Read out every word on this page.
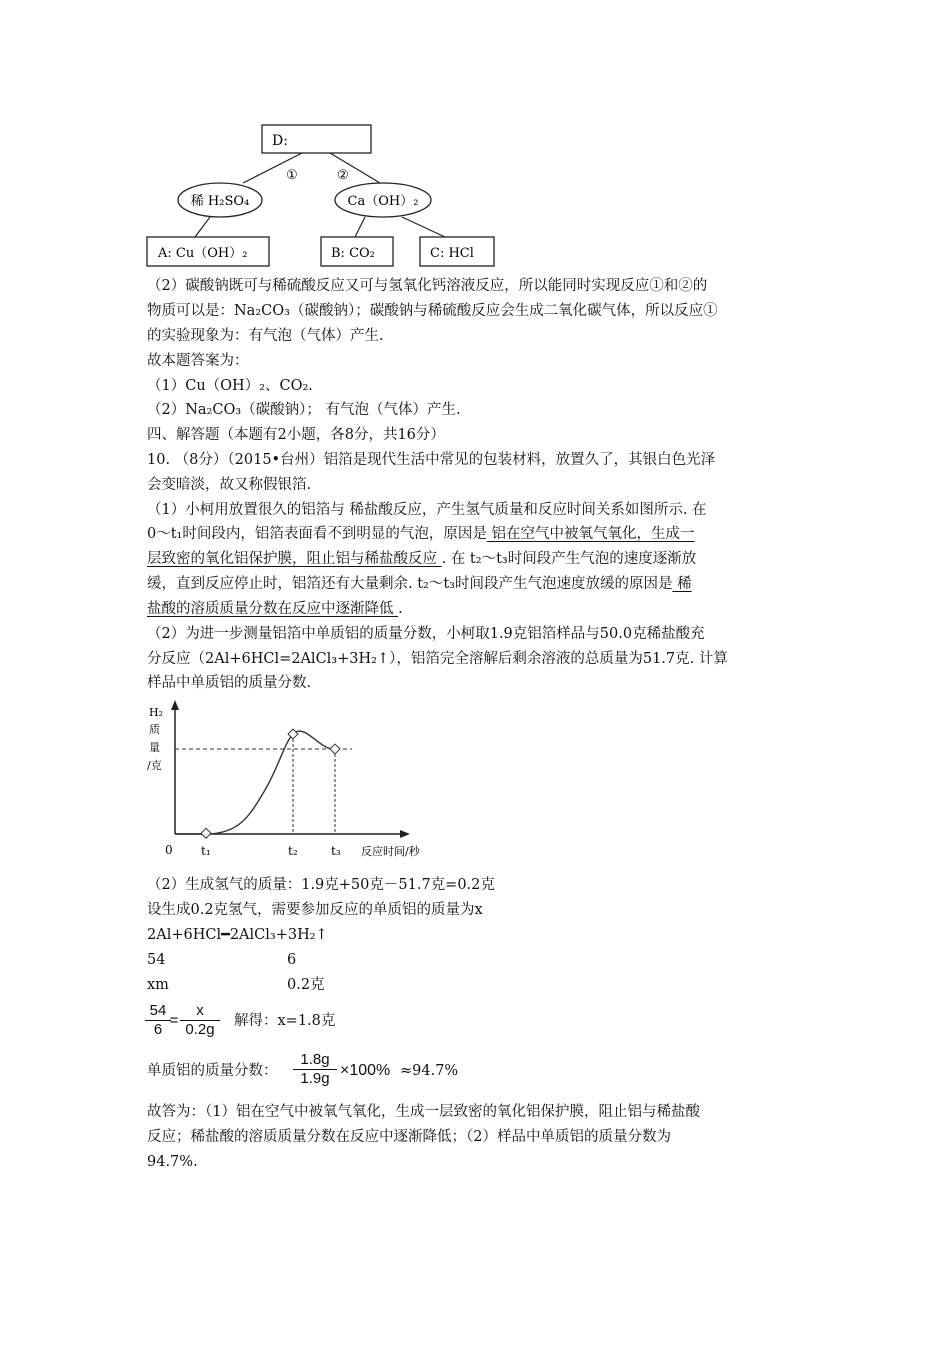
D:
①	②
稀 H₂SO₄	Ca（OH）₂
A: Cu（OH）₂	B: CO₂	C: HCl
（2）碳酸钠既可与稀硫酸反应又可与氢氧化钙溶液反应，所以能同时实现反应①和②的
物质可以是：Na₂CO₃（碳酸钠）；碳酸钠与稀硫酸反应会生成二氧化碳气体，所以反应①
的实验现象为：有气泡（气体）产生.
故本题答案为：
（1）Cu（OH）₂、CO₂.
（2）Na₂CO₃（碳酸钠）； 有气泡（气体）产生.
四、解答题（本题有2小题，各8分，共16分）
10. （8分）（2015•台州）铝箔是现代生活中常见的包装材料，放置久了，其银白色光泽
会变暗淡，故又称假银箔.
（1）小柯用放置很久的铝箔与 稀盐酸反应，产生氢气质量和反应时间关系如图所示. 在
0～t₁时间段内，铝箔表面看不到明显的气泡，原因是 铝在空气中被氧气氧化，生成一
层致密的氧化铝保护膜，阻止铝与稀盐酸反应 . 在 t₂～t₃时间段产生气泡的速度逐渐放
缓，直到反应停止时，铝箔还有大量剩余. t₂～t₃时间段产生气泡速度放缓的原因是 稀
盐酸的溶质质量分数在反应中逐渐降低 .
（2）为进一步测量铝箔中单质铝的质量分数，小柯取1.9克铝箔样品与50.0克稀盐酸充
分反应（2Al+6HCl=2AlCl₃+3H₂↑），铝箔完全溶解后剩余溶液的总质量为51.7克. 计算
样品中单质铝的质量分数.
H₂
质
量
/克
0 t₁	t₂	t₃ 反应时间/秒
（2）生成氢气的质量：1.9克+50克－51.7克=0.2克
设生成0.2克氢气，需要参加反应的单质铝的质量为x
2Al+6HCl━2AlCl₃+3H₂↑
54	6
xm	0.2克
$\frac{54}{6}$
= $\frac{x}{0.2g}$ 解得：x=1.8克
单质铝的质量分数： $\frac{1.8g}{1.9g} \times 100\% \approx 94.7\%$
故答为：（1）铝在空气中被氧气氧化，生成一层致密的氧化铝保护膜，阻止铝与稀盐酸
反应；稀盐酸的溶质质量分数在反应中逐渐降低；（2）样品中单质铝的质量分数为
94.7%.
